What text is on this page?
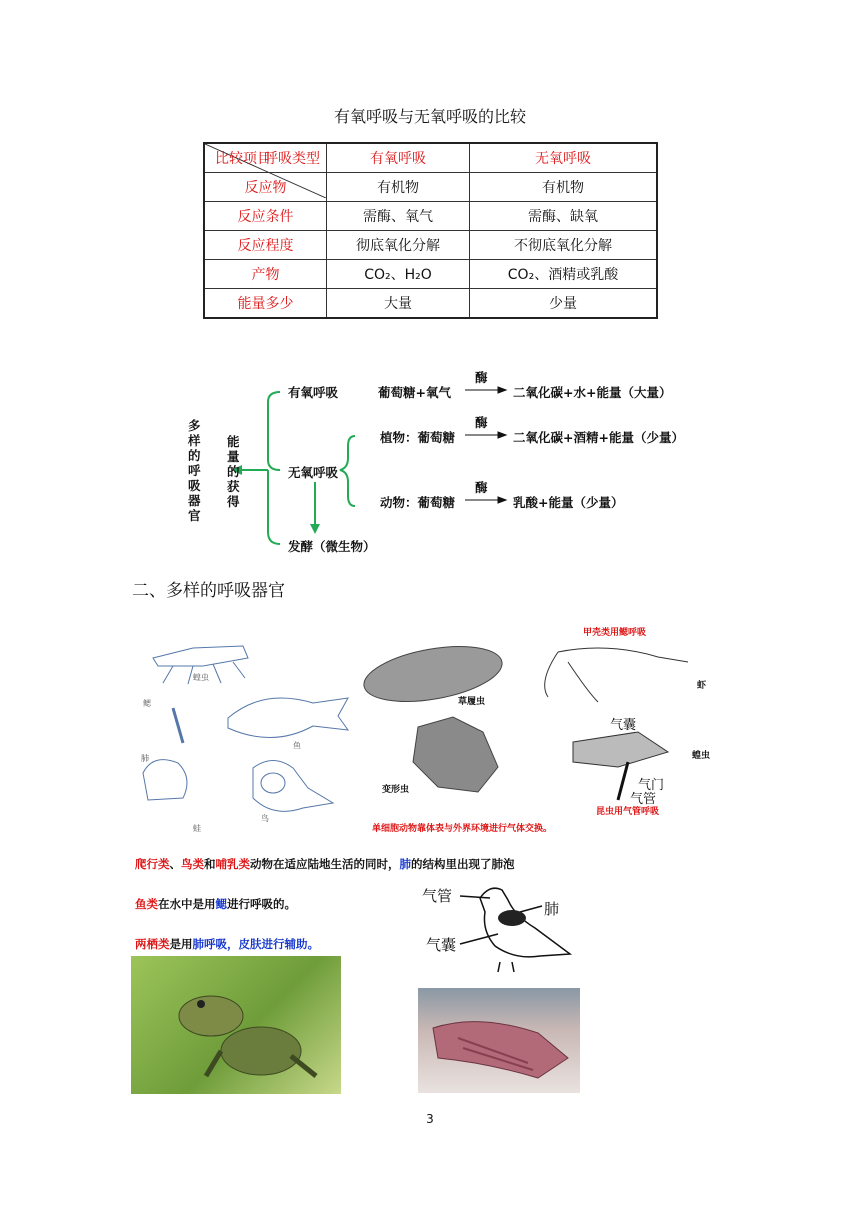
有氧呼吸与无氧呼吸的比较
呼吸类型
比较项目	有氧呼吸	无氧呼吸
反应物	有机物	有机物
反应条件	需酶、氧气	需酶、缺氧
反应程度	彻底氧化分解	不彻底氧化分解
产物	CO₂、H₂O	CO₂、酒精或乳酸
能量多少	大量	少量
多样的呼吸器官
能量的获得
有氧呼吸	葡萄糖+氧气
酶
二氧化碳+水+能量（大量）
无氧呼吸
植物：葡萄糖
酶
二氧化碳+酒精+能量（少量）
动物：葡萄糖
酶
乳酸+能量（少量）
发酵（微生物）
二、多样的呼吸器官
蝗虫
鳃
鱼
肺
蛙
鸟
甲壳类用鳃呼吸
虾
草履虫
气囊
蝗虫
变形虫	气门
气管
昆虫用气管呼吸
单细胞动物靠体表与外界环境进行气体交换。
爬行类、鸟类和哺乳类动物在适应陆地生活的同时，肺的结构里出现了肺泡
鱼类在水中是用鳃进行呼吸的。
两栖类是用肺呼吸，皮肤进行辅助。
气管
肺
气囊
3
